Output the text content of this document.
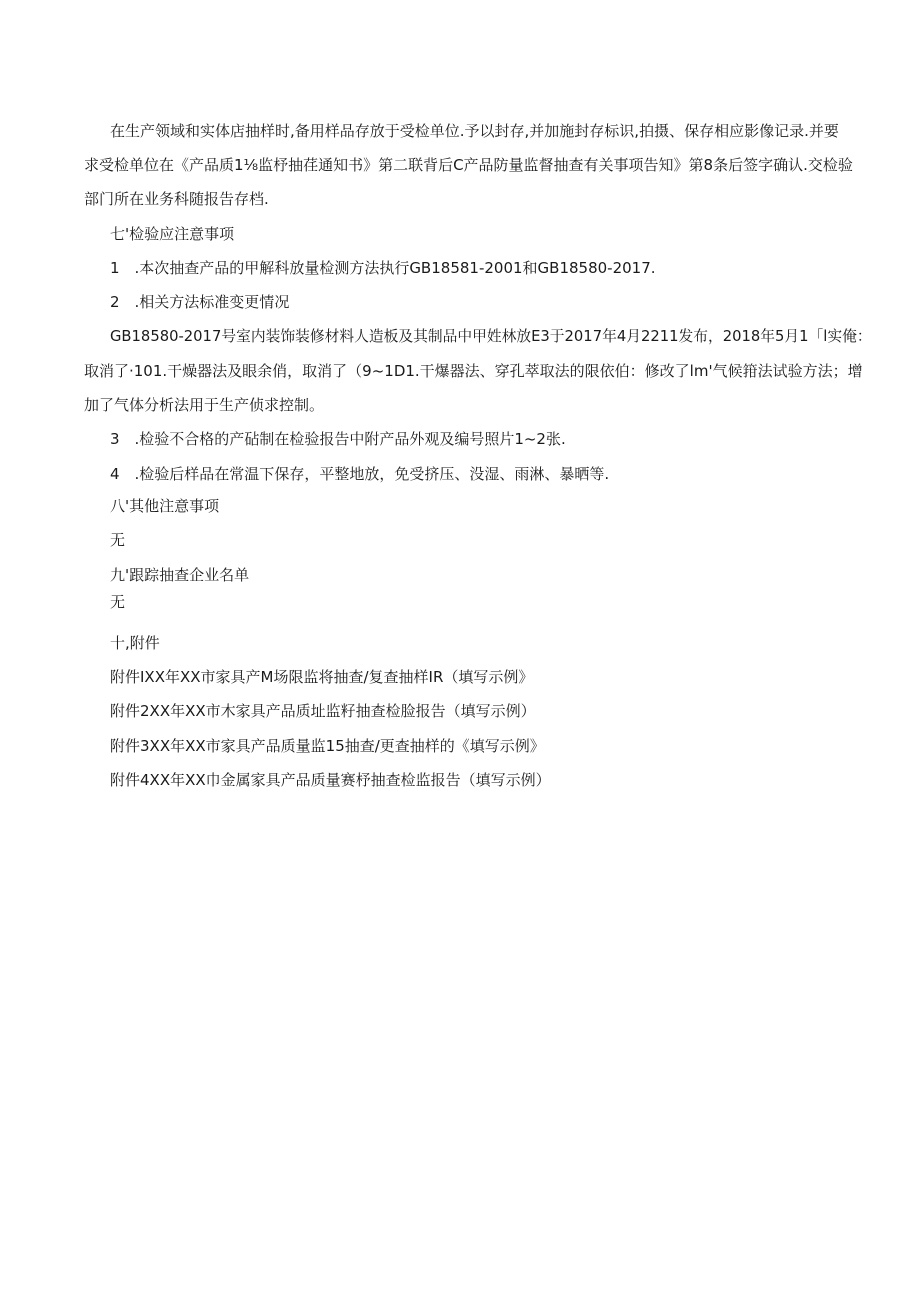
在生产领域和实体店抽样时,备用样品存放于受检单位.予以封存,并加施封存标识,拍摄、保存相应影像记录.并要
求受检单位在《产品质1⅛监杼抽荏通知书》第二联背后C产品防量监督抽查有关事项告知》第8条后签字确认.交检验
部门所在业务科随报告存档.
七'检验应注意事项
1　.本次抽查产品的甲解科放量检测方法执行GB18581-2001和GB18580-2017.
2　.相关方法标准变更情况
GB18580-2017号室内装饰装修材料人造板及其制品中甲姓林放E3于2017年4月2211发布，2018年5月1「l实俺：
取消了·101.干燥器法及眼余俏，取消了（9~1D1.干爆器法、穿孔萃取法的限依伯：修改了lm'气候箝法试验方法；增
加了气体分析法用于生产侦求控制。
3　.检验不合格的产砧制在检验报告中附产品外观及编号照片1~2张.
4　.检验后样品在常温下保存，平整地放，免受挤压、没湿、雨淋、暴晒等.
八'其他注意事项
无
九'跟踪抽查企业名单
无
十,附件
附件IXX年XX市家具产M场限监将抽查/复查抽样IR（填写示例》
附件2XX年XX市木家具产品质址监籽抽查检脸报告（填写示例）
附件3XX年XX市家具产品质量监15抽查/更查抽样的《填写示例》
附件4XX年XX巾金属家具产品质量赛杼抽查检监报告（填写示例）
